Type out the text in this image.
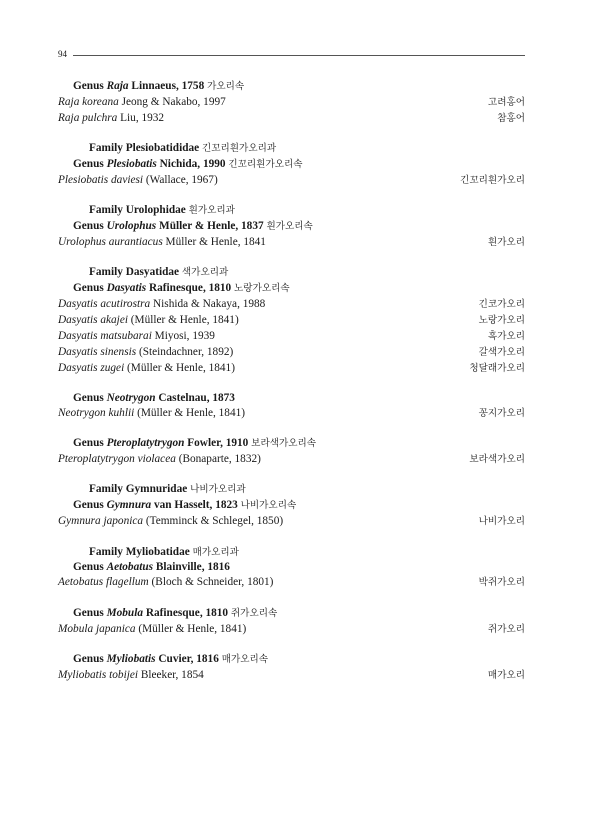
94
Genus Raja Linnaeus, 1758 가오리속
Raja koreana Jeong & Nakabo, 1997	고려홍어
Raja pulchra Liu, 1932	참홍어
Family Plesiobatididae 긴꼬리흰가오리과
Genus Plesiobatis Nichida, 1990 긴꼬리흰가오리속
Plesiobatis daviesi (Wallace, 1967)	긴꼬리흰가오리
Family Urolophidae 흰가오리과
Genus Urolophus Müller & Henle, 1837 흰가오리속
Urolophus aurantiacus Müller & Henle, 1841	흰가오리
Family Dasyatidae 색가오리과
Genus Dasyatis Rafinesque, 1810 노랑가오리속
Dasyatis acutirostra Nishida & Nakaya, 1988	긴코가오리
Dasyatis akajei (Müller & Henle, 1841)	노랑가오리
Dasyatis matsubarai Miyosi, 1939	흑가오리
Dasyatis sinensis (Steindachner, 1892)	갈색가오리
Dasyatis zugei (Müller & Henle, 1841)	청달래가오리
Genus Neotrygon Castelnau, 1873
Neotrygon kuhlii (Müller & Henle, 1841)	꽁지가오리
Genus Pteroplatytrygon Fowler, 1910 보라색가오리속
Pteroplatytrygon violacea (Bonaparte, 1832)	보라색가오리
Family Gymnuridae 나비가오리과
Genus Gymnura van Hasselt, 1823 나비가오리속
Gymnura japonica (Temminck & Schlegel, 1850)	나비가오리
Family Myliobatidae 매가오리과
Genus Aetobatus Blainville, 1816
Aetobatus flagellum (Bloch & Schneider, 1801)	박쥐가오리
Genus Mobula Rafinesque, 1810 쥐가오리속
Mobula japanica (Müller & Henle, 1841)	쥐가오리
Genus Myliobatis Cuvier, 1816 매가오리속
Myliobatis tobijei Bleeker, 1854	매가오리
